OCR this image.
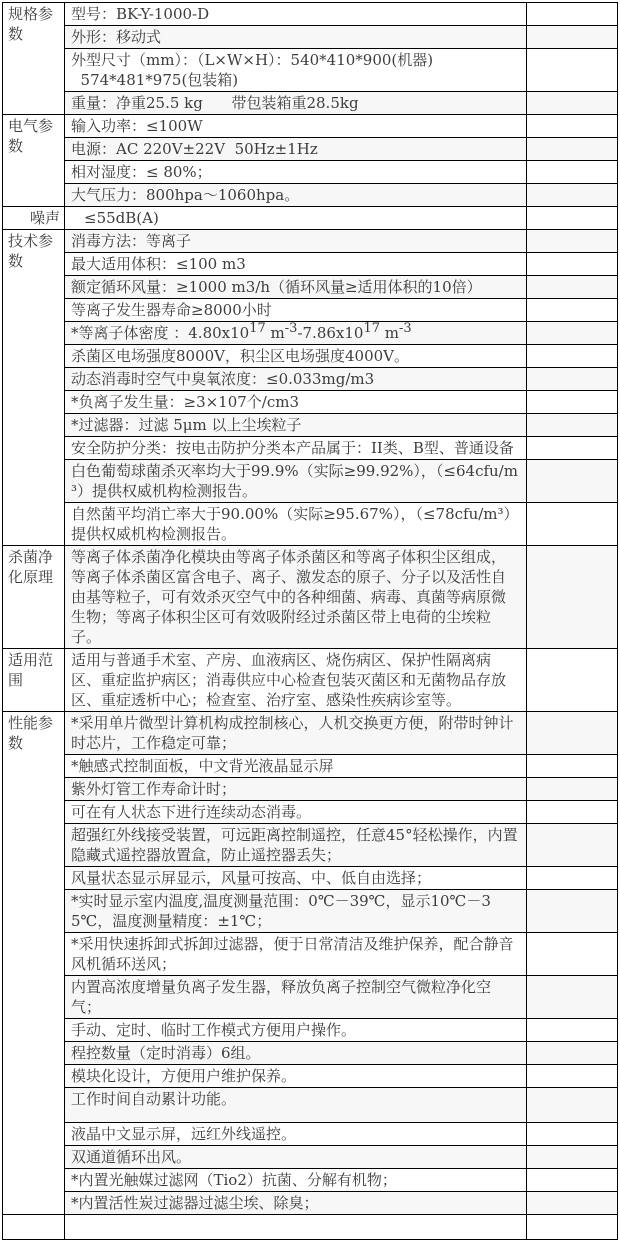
规格参数	型号：BK-Y-1000-D	
	外形：移动式	
	外型尺寸（mm）：（L×W×H）：540*410*900(机器)
574*481*975(包装箱)	
	重量：净重25.5 kg      带包装箱重28.5kg	
电气参数	输入功率：≤100W	
	电源：AC 220V±22V  50Hz±1Hz	
	相对湿度：≤ 80%；	
	大气压力：800hpa～1060hpa。	
噪声	≤55dB(A)	
技术参数	消毒方法：等离子	
	最大适用体积：≤100 m3	
	额定循环风量：≥1000 m3/h（循环风量≥适用体积的10倍）	
	等离子发生器寿命≥8000小时	
	*等离子体密度 ：4.80x1017 m-3-7.86x1017 m-3	
	杀菌区电场强度8000V，积尘区电场强度4000V。	
	动态消毒时空气中臭氧浓度：≤0.033mg/m3	
	*负离子发生量：≥3×107个/cm3	
	*过滤器：过滤 5μm 以上尘埃粒子	
	安全防护分类：按电击防护分类本产品属于：II类、B型、普通设备	
	白色葡萄球菌杀灭率均大于99.9%（实际≥99.92%），（≤64cfu/m³）提供权威机构检测报告。	
	自然菌平均消亡率大于90.00%（实际≥95.67%），（≤78cfu/m³）提供权威机构检测报告。	
杀菌净化原理	等离子体杀菌净化模块由等离子体杀菌区和等离子体积尘区组成，等离子体杀菌区富含电子、离子、激发态的原子、分子以及活性自由基等粒子，可有效杀灭空气中的各种细菌、病毒、真菌等病原微生物；等离子体积尘区可有效吸附经过杀菌区带上电荷的尘埃粒子。	
适用范围	适用与普通手术室、产房、血液病区、烧伤病区、保护性隔离病区、重症监护病区；消毒供应中心检查包装灭菌区和无菌物品存放区、重症透析中心；检查室、治疗室、感染性疾病诊室等。	
性能参数	*采用单片微型计算机构成控制核心，人机交换更方便，附带时钟计时芯片，工作稳定可靠；	
	*触感式控制面板，中文背光液晶显示屏	
	紫外灯管工作寿命计时；	
	可在有人状态下进行连续动态消毒。	
	超强红外线接受装置，可远距离控制遥控，任意45°轻松操作，内置隐藏式遥控器放置盒，防止遥控器丢失；	
	风量状态显示屏显示，风量可按高、中、低自由选择；	
	*实时显示室内温度,温度测量范围：0℃－39℃，显示10℃－35℃，温度测量精度：±1℃；	
	*采用快速拆卸式拆卸过滤器，便于日常清洁及维护保养，配合静音风机循环送风；	
	内置高浓度增量负离子发生器，释放负离子控制空气微粒净化空气；	
	手动、定时、临时工作模式方便用户操作。	
	程控数量（定时消毒）6组。	
	模块化设计，方便用户维护保养。	
	工作时间自动累计功能。	
	液晶中文显示屏，远红外线遥控。	
	双通道循环出风。	
	*内置光触媒过滤网（Tio2）抗菌、分解有机物；	
	*内置活性炭过滤器过滤尘埃、除臭；	
